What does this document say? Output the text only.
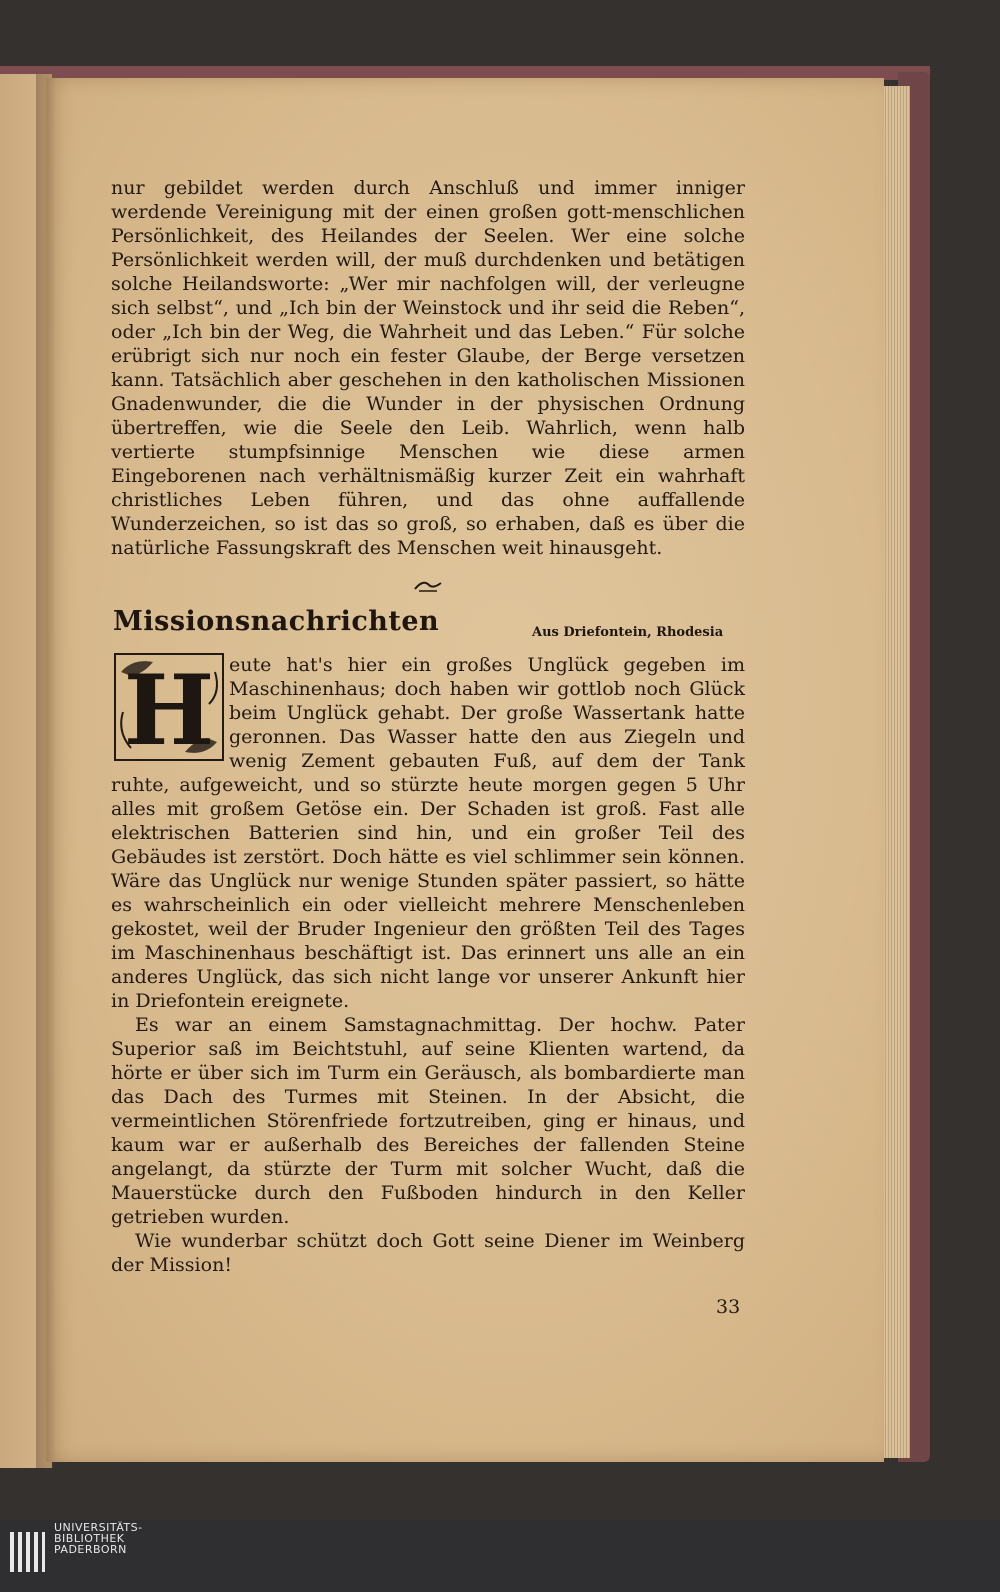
nur gebildet werden durch Anschluß und immer inniger werdende Vereinigung mit der einen großen gott-menschlichen Persönlichkeit, des Heilandes der Seelen. Wer eine solche Persönlichkeit werden will, der muß durchdenken und betätigen solche Heilandsworte: „Wer mir nachfolgen will, der verleugne sich selbst“, und „Ich bin der Weinstock und ihr seid die Reben“, oder „Ich bin der Weg, die Wahrheit und das Leben.“ Für solche erübrigt sich nur noch ein fester Glaube, der Berge versetzen kann. Tatsächlich aber geschehen in den katholischen Missionen Gnadenwunder, die die Wunder in der physischen Ordnung übertreffen, wie die Seele den Leib. Wahrlich, wenn halb vertierte stumpfsinnige Menschen wie diese armen Eingeborenen nach verhältnismäßig kurzer Zeit ein wahrhaft christliches Leben führen, und das ohne auffallende Wunderzeichen, so ist das so groß, so erhaben, daß es über die natürliche Fassungskraft des Menschen weit hinausgeht.

Missionsnachrichten	Aus Driefontein, Rhodesia
H eute hat's hier ein großes Unglück gegeben im Maschinenhaus; doch haben wir gottlob noch Glück beim Unglück gehabt. Der große Wassertank hatte geronnen. Das Wasser hatte den aus Ziegeln und wenig Zement gebauten Fuß, auf dem der Tank ruhte, aufgeweicht, und so stürzte heute morgen gegen 5 Uhr alles mit großem Getöse ein. Der Schaden ist groß. Fast alle elektrischen Batterien sind hin, und ein großer Teil des Gebäudes ist zerstört. Doch hätte es viel schlimmer sein können. Wäre das Unglück nur wenige Stunden später passiert, so hätte es wahrscheinlich ein oder vielleicht mehrere Menschenleben gekostet, weil der Bruder Ingenieur den größten Teil des Tages im Maschinenhaus beschäftigt ist. Das erinnert uns alle an ein anderes Unglück, das sich nicht lange vor unserer Ankunft hier in Driefontein ereignete.

Es war an einem Samstagnachmittag. Der hochw. Pater Superior saß im Beichtstuhl, auf seine Klienten wartend, da hörte er über sich im Turm ein Geräusch, als bombardierte man das Dach des Turmes mit Steinen. In der Absicht, die vermeintlichen Störenfriede fortzutreiben, ging er hinaus, und kaum war er außerhalb des Bereiches der fallenden Steine angelangt, da stürzte der Turm mit solcher Wucht, daß die Mauerstücke durch den Fußboden hindurch in den Keller getrieben wurden.

Wie wunderbar schützt doch Gott seine Diener im Weinberg der Mission!

33
UNIVERSITÄTS-
BIBLIOTHEK
PADERBORN
